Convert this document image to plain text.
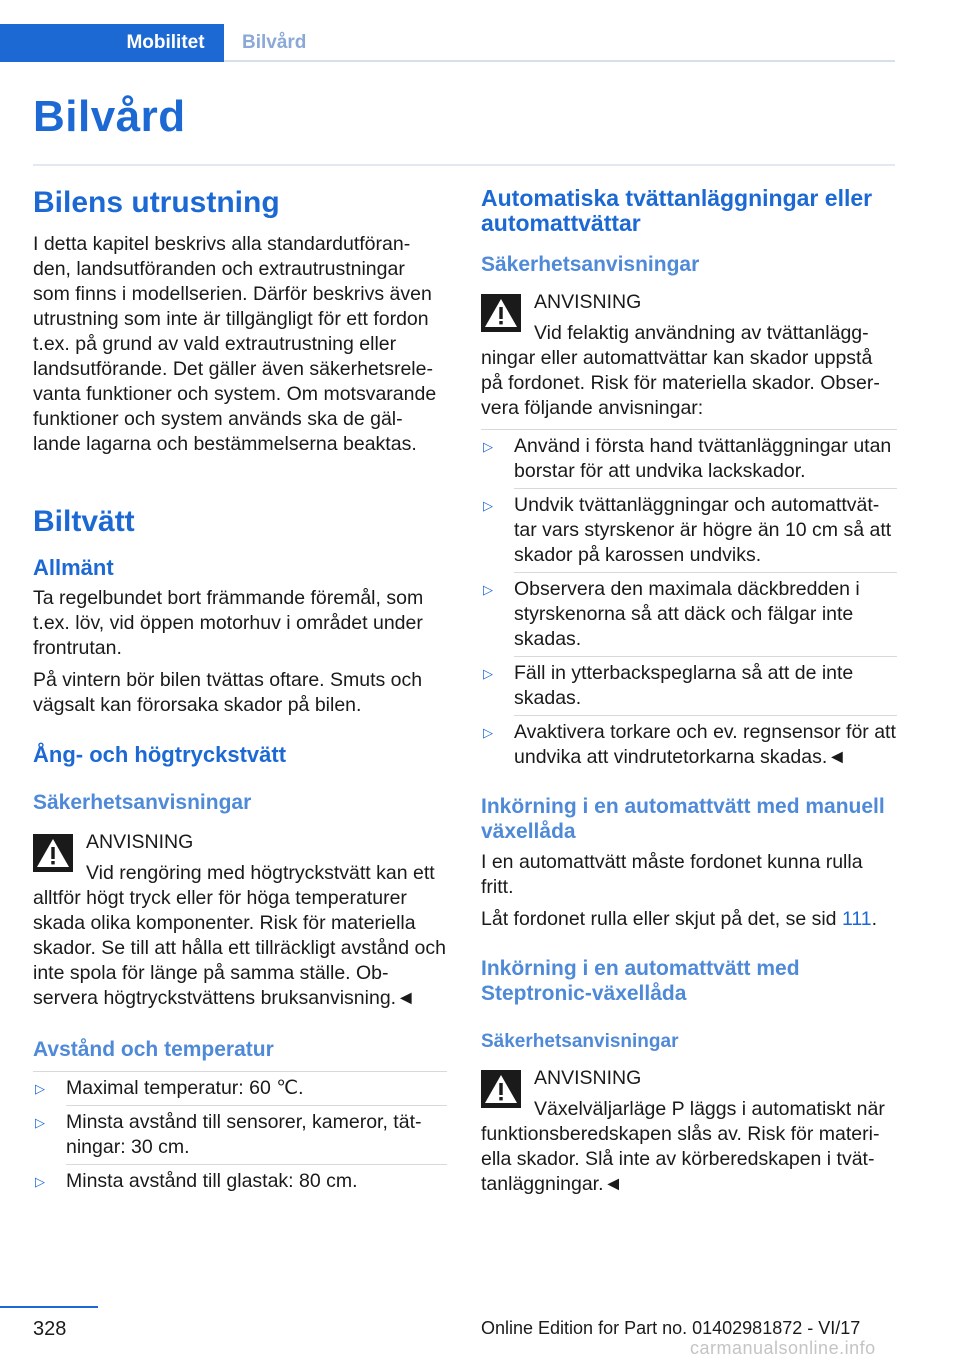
Mobilitet	Bilvård
Bilvård
Bilens utrustning

I detta kapitel beskrivs alla standardutföran- den, landsutföranden och extrautrustningar som finns i modellserien. Därför beskrivs även utrustning som inte är tillgängligt för ett fordon t.ex. på grund av vald extrautrustning eller landsutförande. Det gäller även säkerhetsrele- vanta funktioner och system. Om motsvarande funktioner och system används ska de gäl- lande lagarna och bestämmelserna beaktas.

Biltvätt
Allmänt

Ta regelbundet bort främmande föremål, som t.ex. löv, vid öppen motorhuv i området under frontrutan.

På vintern bör bilen tvättas oftare. Smuts och vägsalt kan förorsaka skador på bilen.

Ång- och högtryckstvätt
Säkerhetsanvisningar
ANVISNING

Vid rengöring med högtryckstvätt kan ett alltför högt tryck eller för höga temperaturer skada olika komponenter. Risk för materiella skador. Se till att hålla ett tillräckligt avstånd och inte spola för länge på samma ställe. Ob- servera högtryckstvättens bruksanvisning.◄

Avstånd och temperatur
▷ Maximal temperatur: 60 ℃.
▷ Minsta avstånd till sensorer, kameror, tät- ningar: 30 cm.
▷ Minsta avstånd till glastak: 80 cm.
Automatiska tvättanläggningar eller automattvättar
Säkerhetsanvisningar
ANVISNING

Vid felaktig användning av tvättanlägg- ningar eller automattvättar kan skador uppstå på fordonet. Risk för materiella skador. Obser- vera följande anvisningar:

▷ Använd i första hand tvättanläggningar utan borstar för att undvika lackskador.
▷ Undvik tvättanläggningar och automattvät- tar vars styrskenor är högre än 10 cm så att skador på karossen undviks.
▷ Observera den maximala däckbredden i styrskenorna så att däck och fälgar inte skadas.
▷ Fäll in ytterbackspeglarna så att de inte skadas.
▷ Avaktivera torkare och ev. regnsensor för att undvika att vindrutetorkarna skadas.◄
Inkörning i en automattvätt med manuell växellåda

I en automattvätt måste fordonet kunna rulla fritt.

Låt fordonet rulla eller skjut på det, se sid 111.

Inkörning i en automattvätt med Steptronic-växellåda
Säkerhetsanvisningar
ANVISNING

Växelväljarläge P läggs i automatiskt när funktionsberedskapen slås av. Risk för materi- ella skador. Slå inte av körberedskapen i tvät- tanläggningar.◄

328	Online Edition for Part no. 01402981872 - VI/17
carmanualsonline.info
